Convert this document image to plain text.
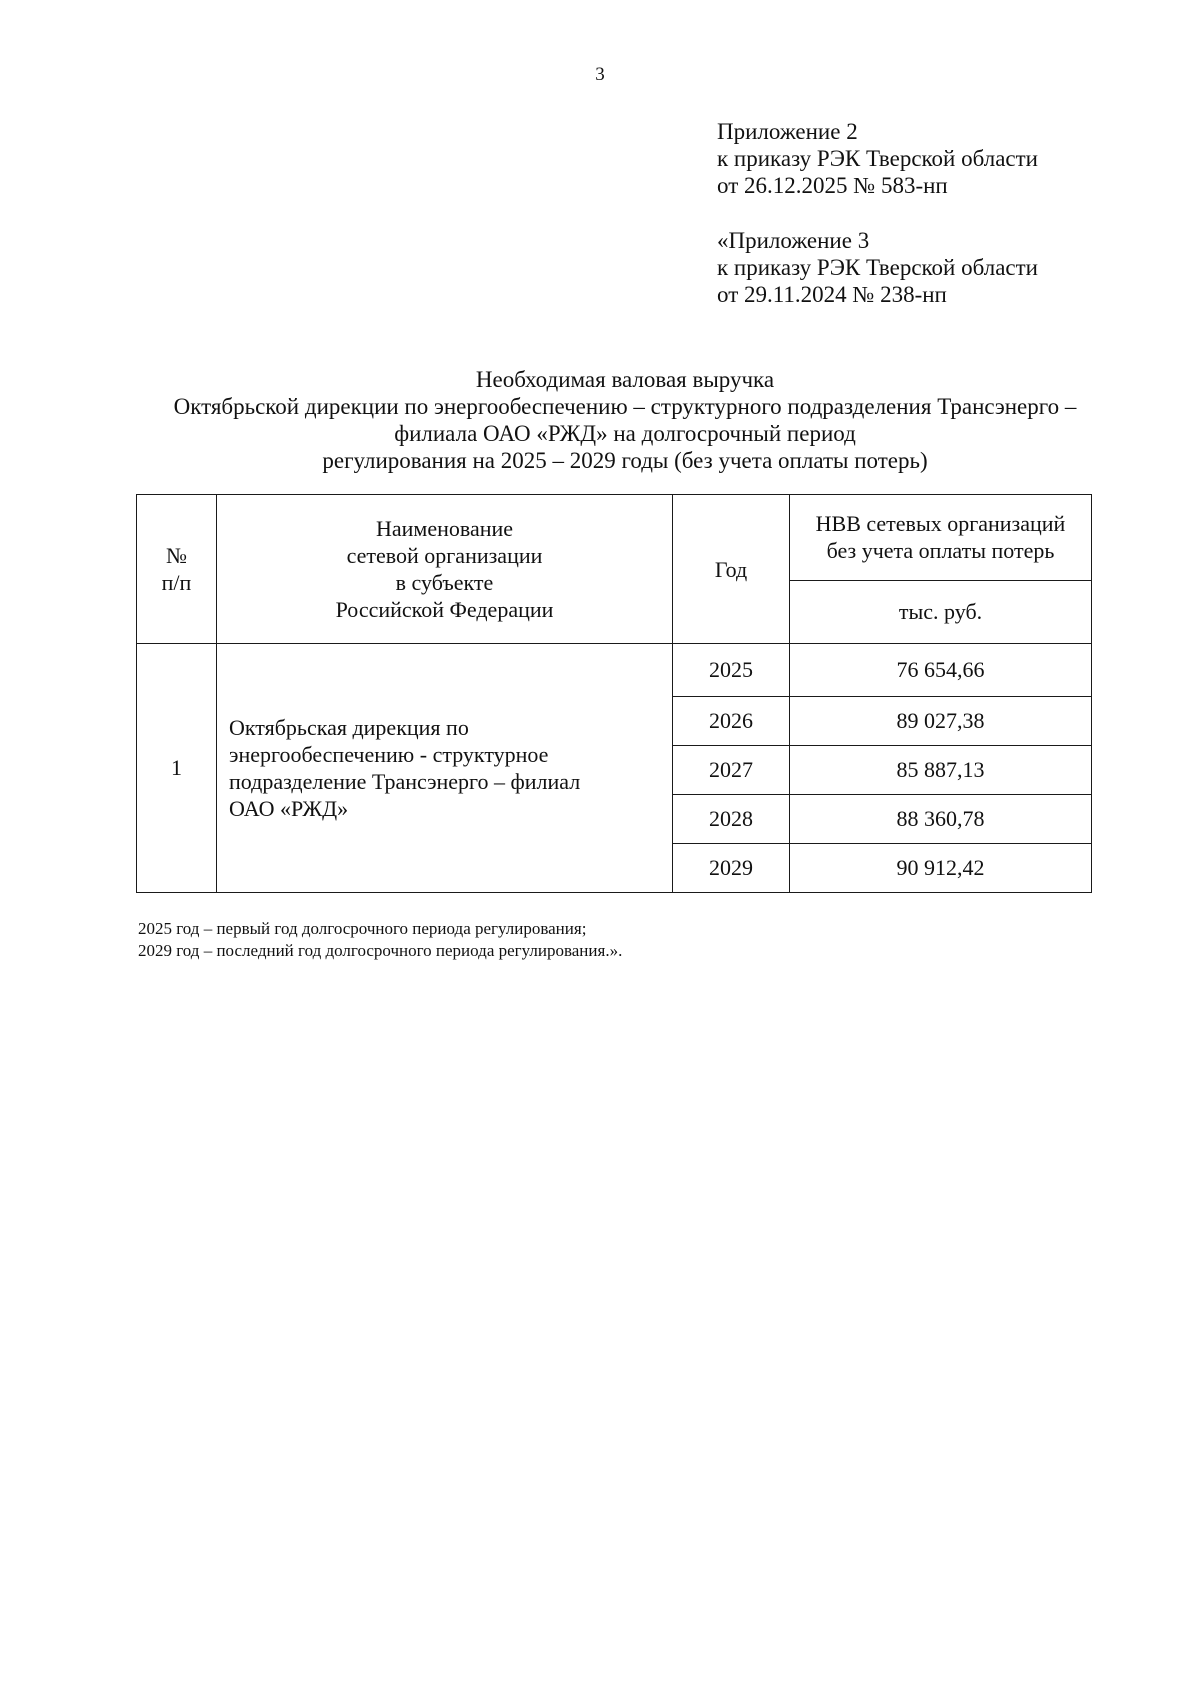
3
Приложение 2
к приказу РЭК Тверской области
от 26.12.2025 № 583-нп
«Приложение 3
к приказу РЭК Тверской области
от 29.11.2024 № 238-нп
Необходимая валовая выручка
Октябрьской дирекции по энергообеспечению – структурного подразделения Трансэнерго –
филиала ОАО «РЖД» на долгосрочный период
регулирования на 2025 – 2029 годы (без учета оплаты потерь)
№
п/п	Наименование
сетевой организации
в субъекте
Российской Федерации	Год	НВВ сетевых организаций
без учета оплаты потерь

			тыс. руб.
1	Октябрьская дирекция по
энергообеспечению - структурное
подразделение Трансэнерго – филиал
ОАО «РЖД»	2025	76 654,66
		2026	89 027,38
		2027	85 887,13
		2028	88 360,78
		2029	90 912,42
2025 год – первый год долгосрочного периода регулирования;
2029 год – последний год долгосрочного периода регулирования.».
